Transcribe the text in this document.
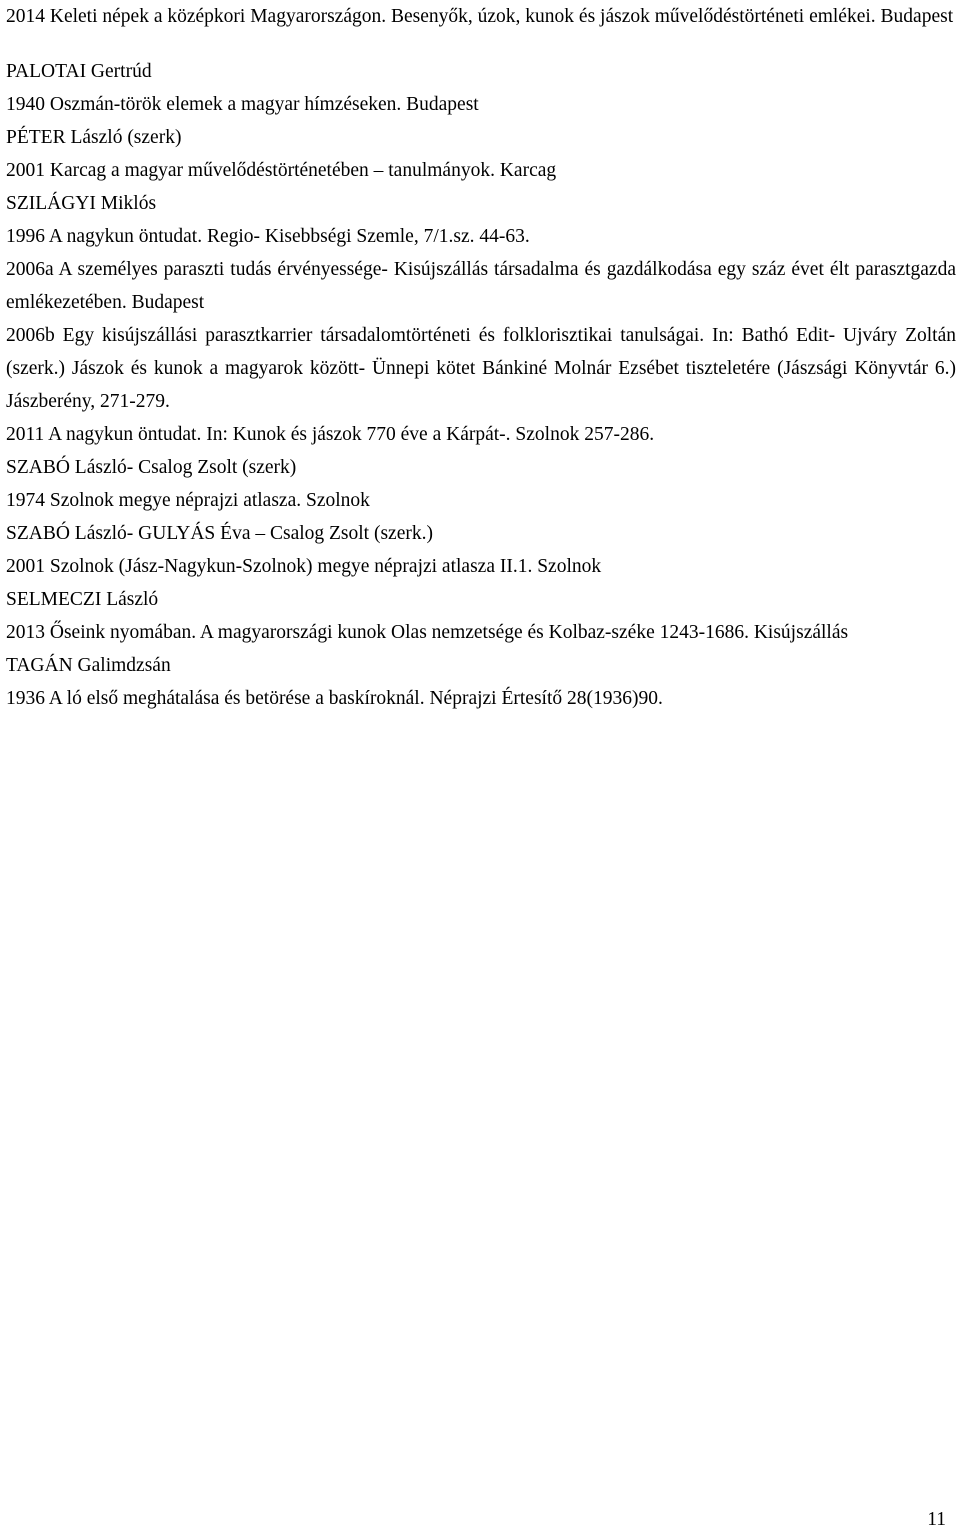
2014 Keleti népek a középkori Magyarországon. Besenyők, úzok, kunok és jászok művelődéstörténeti emlékei. Budapest

PALOTAI Gertrúd

1940 Oszmán-török elemek a magyar hímzéseken. Budapest

PÉTER László (szerk)

2001 Karcag a magyar művelődéstörténetében – tanulmányok. Karcag

SZILÁGYI Miklós

1996 A nagykun öntudat. Regio- Kisebbségi Szemle, 7/1.sz. 44-63.

2006a A személyes paraszti tudás érvényessége- Kisújszállás társadalma és gazdálkodása egy száz évet élt parasztgazda emlékezetében. Budapest

2006b Egy kisújszállási parasztkarrier társadalomtörténeti és folklorisztikai tanulságai. In: Bathó Edit- Ujváry Zoltán (szerk.) Jászok és kunok a magyarok között- Ünnepi kötet Bánkiné Molnár Ezsébet tiszteletére (Jászsági Könyvtár 6.) Jászberény, 271-279.

2011 A nagykun öntudat. In: Kunok és jászok 770 éve a Kárpát-. Szolnok 257-286.

SZABÓ László- Csalog Zsolt (szerk)

1974 Szolnok megye néprajzi atlasza. Szolnok

SZABÓ László- GULYÁS Éva – Csalog Zsolt (szerk.)

2001 Szolnok (Jász-Nagykun-Szolnok) megye néprajzi atlasza II.1. Szolnok

SELMECZI László

2013 Őseink nyomában. A magyarországi kunok Olas nemzetsége és Kolbaz-széke 1243-1686. Kisújszállás

TAGÁN Galimdzsán

1936 A ló első meghátalása és betörése a baskíroknál. Néprajzi Értesítő 28(1936)90.

11
